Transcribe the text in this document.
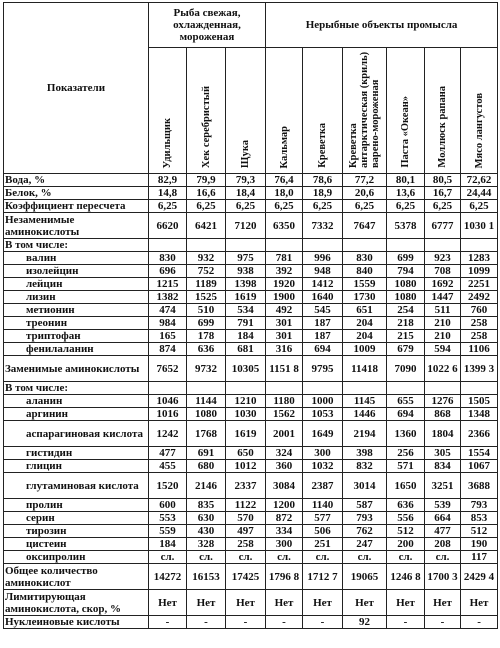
Показатели	Рыба свежая, охлажденная, мороженая			Нерыбные объекты промысла					
	Удильщик	Хек серебристый	Щука	Кальмар	Креветка	Креветка антарктическая (криль) варено-мороженая	Паста «Океан»	Моллюск рапана	Мясо лангустов
Вода, %	82,9	79,9	79,3	76,4	78,6	77,2	80,1	80,5	72,62
Белок, %	14,8	16,6	18,4	18,0	18,9	20,6	13,6	16,7	24,44
Коэффициент пересчета	6,25	6,25	6,25	6,25	6,25	6,25	6,25	6,25	6,25
Незаменимые аминокислоты	6620	6421	7120	6350	7332	7647	5378	6777	1030 1
В том числе:									
валин	830	932	975	781	996	830	699	923	1283
изолейцин	696	752	938	392	948	840	794	708	1099
лейцин	1215	1189	1398	1920	1412	1559	1080	1692	2251
лизин	1382	1525	1619	1900	1640	1730	1080	1447	2492
метионин	474	510	534	492	545	651	254	511	760
треонин	984	699	791	301	187	204	218	210	258
триптофан	165	178	184	301	187	204	215	210	258
фенилаланин	874	636	681	316	694	1009	679	594	1106
Заменимые аминокислоты	7652	9732	10305	1151 8	9795	11418	7090	1022 6	1399 3
В том числе:									
аланин	1046	1144	1210	1180	1000	1145	655	1276	1505
аргинин	1016	1080	1030	1562	1053	1446	694	868	1348
аспарагиновая кислота	1242	1768	1619	2001	1649	2194	1360	1804	2366
гистидин	477	691	650	324	300	398	256	305	1554
глицин	455	680	1012	360	1032	832	571	834	1067
глутаминовая кислота	1520	2146	2337	3084	2387	3014	1650	3251	3688
пролин	600	835	1122	1200	1140	587	636	539	793
серин	553	630	570	872	577	793	556	664	853
тирозин	559	430	497	334	506	762	512	477	512
цистеин	184	328	258	300	251	247	200	208	190
оксипролин	сл.	сл.	сл.	сл.	сл.	сл.	сл.	сл.	117
Общее количество аминокислот	14272	16153	17425	1796 8	1712 7	19065	1246 8	1700 3	2429 4
Лимитирующая аминокислота, скор, %	Нет	Нет	Нет	Нет	Нет	Нет	Нет	Нет	Нет
Нуклеиновые кислоты	-	-	-	-	-	92	-	-	-
